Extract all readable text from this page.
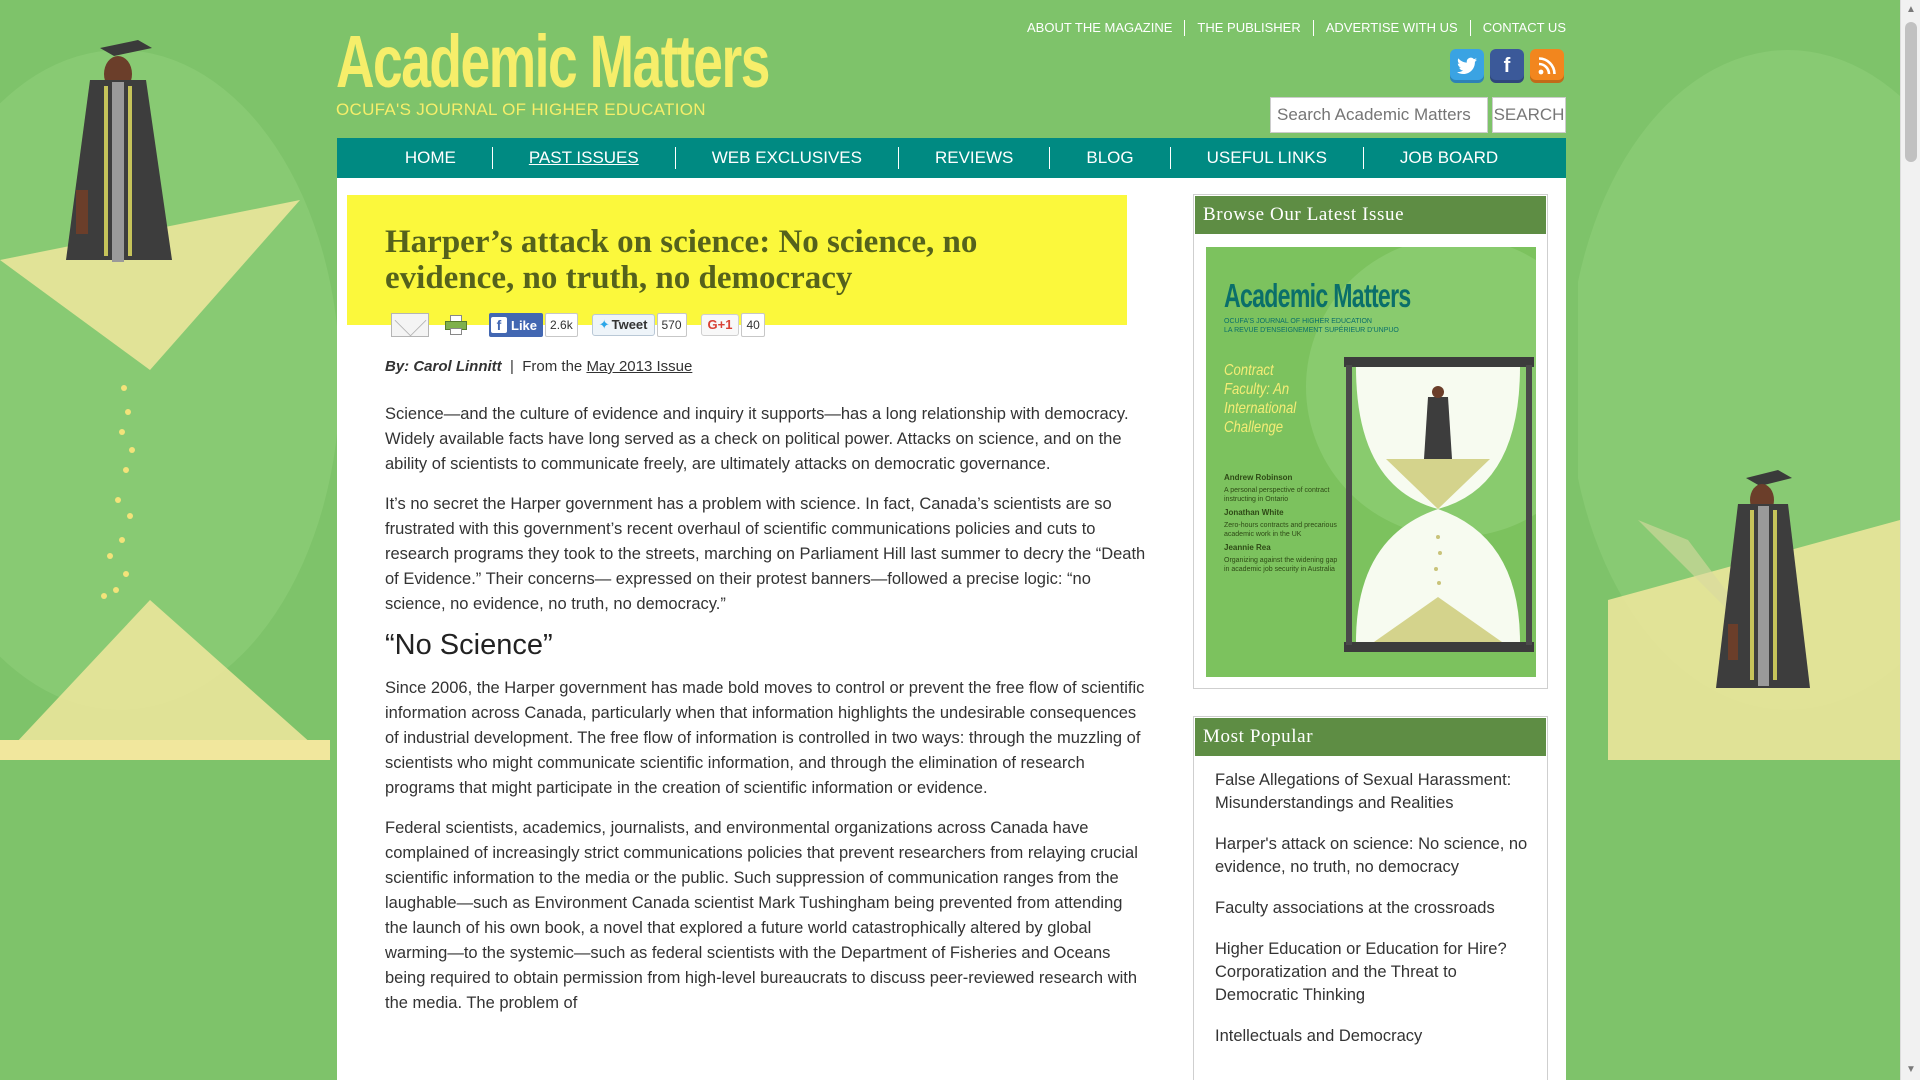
▲
▼
Academic Matters
OCUFA'S JOURNAL OF HIGHER EDUCATION
ABOUT THE MAGAZINE	THE PUBLISHER	ADVERTISE WITH US	CONTACT US
f
Search Academic Matters
SEARCH
HOME	PAST ISSUES	WEB EXCLUSIVES	REVIEWS	BLOG	USEFUL LINKS	JOB BOARD
Harper’s attack on science: No science, no evidence, no truth, no democracy
f Like	2.6k	✦ Tweet	570	G+1	40
By: Carol Linnitt  |  From the May 2013 Issue

Science—and the culture of evidence and inquiry it supports—has a long relationship with democracy. Widely available facts have long served as a check on political power. Attacks on science, and on the ability of scientists to communicate freely, are ultimately attacks on democratic governance.

It’s no secret the Harper government has a problem with science. In fact, Canada’s scientists are so frustrated with this government’s recent overhaul of scientific communications policies and cuts to research programs they took to the streets, marching on Parliament Hill last summer to decry the “Death of Evidence.” Their concerns— expressed on their protest banners—followed a precise logic: “no science, no evidence, no truth, no democracy.”

“No Science”

Since 2006, the Harper government has made bold moves to control or prevent the free flow of scientific information across Canada, particularly when that information highlights the undesirable consequences of industrial development. The free flow of information is controlled in two ways: through the muzzling of scientists who might communicate scientific information, and through the elimination of research programs that might participate in the creation of scientific information or evidence.

Federal scientists, academics, journalists, and environmental organizations across Canada have complained of increasingly strict communications policies that prevent researchers from relaying crucial scientific information to the media or the public. Such suppression of communication ranges from the laughable—such as Environment Canada scientist Mark Tushingham being prevented from attending the launch of his own book, a novel that explored a future world catastrophically altered by global warming—to the systemic—such as federal scientists with the Department of Fisheries and Oceans being required to obtain permission from high-level bureaucrats to discuss peer-reviewed research with the media. The problem of

Browse Our Latest Issue
Academic Matters
OCUFA'S JOURNAL OF HIGHER EDUCATION
LA REVUE D'ENSEIGNEMENT SUPÉRIEUR D'UNPUO
Contract Faculty: An International Challenge
Andrew Robinson
A personal perspective of contract instructing in Ontario
Jonathan White
Zero-hours contracts and precarious academic work in the UK
Jeannie Rea
Organizing against the widening gap in academic job security in Australia
Most Popular
False Allegations of Sexual Harassment: Misunderstandings and Realities
Harper's attack on science: No science, no evidence, no truth, no democracy
Faculty associations at the crossroads
Higher Education or Education for Hire? Corporatization and the Threat to Democratic Thinking
Intellectuals and Democracy
